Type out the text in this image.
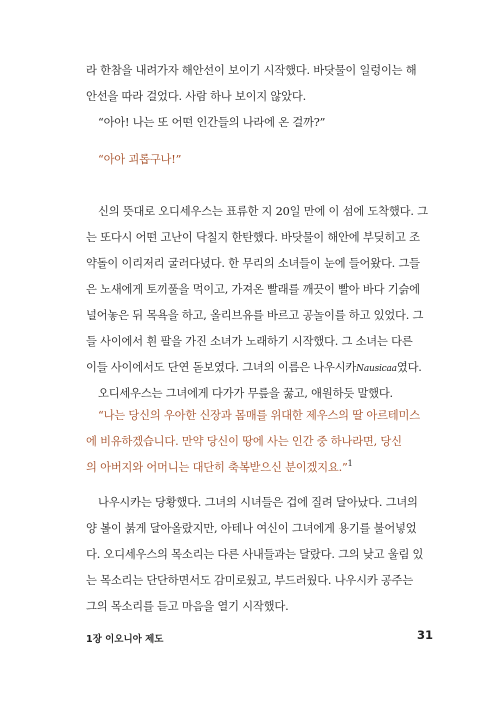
라 한참을 내려가자 해안선이 보이기 시작했다. 바닷물이 일렁이는 해
안선을 따라 걸었다. 사람 하나 보이지 않았다.
“아아! 나는 또 어떤 인간들의 나라에 온 걸까?”
“아아 괴롭구나!”
신의 뜻대로 오디세우스는 표류한 지 20일 만에 이 섬에 도착했다. 그
는 또다시 어떤 고난이 닥칠지 한탄했다. 바닷물이 해안에 부딪히고 조
약돌이 이리저리 굴러다녔다. 한 무리의 소녀들이 눈에 들어왔다. 그들
은 노새에게 토끼풀을 먹이고, 가져온 빨래를 깨끗이 빨아 바다 기슭에
널어놓은 뒤 목욕을 하고, 올리브유를 바르고 공놀이를 하고 있었다. 그
들 사이에서 흰 팔을 가진 소녀가 노래하기 시작했다. 그 소녀는 다른
이들 사이에서도 단연 돋보였다. 그녀의 이름은 나우시카Nausicaa였다.
오디세우스는 그녀에게 다가가 무릎을 꿇고, 애원하듯 말했다.
“나는 당신의 우아한 신장과 몸매를 위대한 제우스의 딸 아르테미스
에 비유하겠습니다. 만약 당신이 땅에 사는 인간 중 하나라면, 당신
의 아버지와 어머니는 대단히 축복받으신 분이겠지요.”$^1$
나우시카는 당황했다. 그녀의 시녀들은 겁에 질려 달아났다. 그녀의
양 볼이 붉게 달아올랐지만, 아테나 여신이 그녀에게 용기를 불어넣었
다. 오디세우스의 목소리는 다른 사내들과는 달랐다. 그의 낮고 울림 있
는 목소리는 단단하면서도 감미로웠고, 부드러웠다. 나우시카 공주는
그의 목소리를 듣고 마음을 열기 시작했다.
1장 이오니아 제도	31
